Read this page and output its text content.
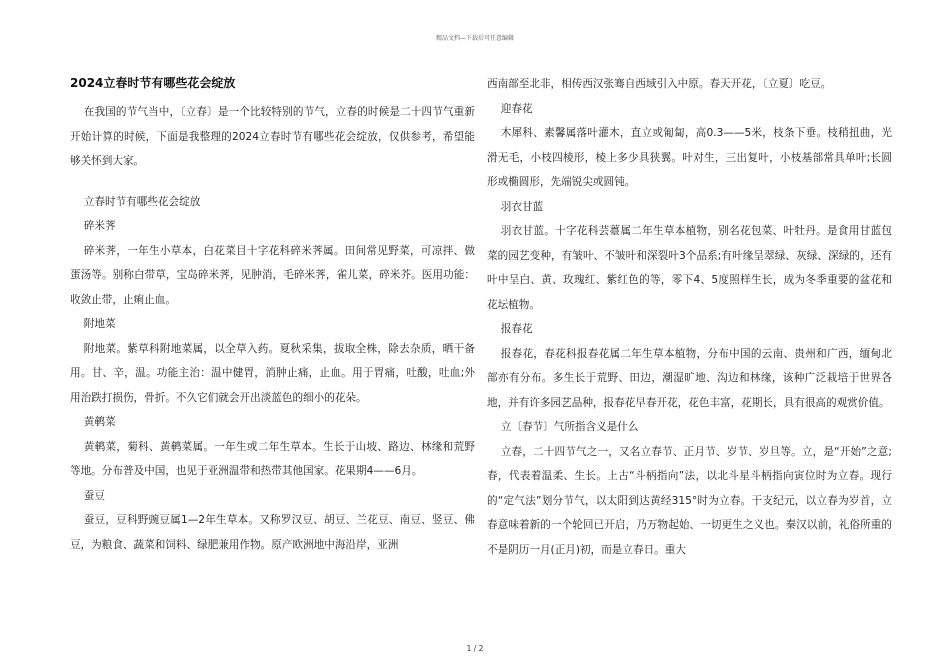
精品文档—下载后可任意编辑
2024立春时节有哪些花会绽放

在我国的节气当中，〔立春〕是一个比较特别的节气，立春的时候是二十四节气重新开始计算的时候，下面是我整理的2024立春时节有哪些花会绽放，仅供参考，希望能够关怀到大家。

立春时节有哪些花会绽放

碎米荠

碎米荠，一年生小草本，白花菜目十字花科碎米荠属。田间常见野菜，可凉拌、做蛋汤等。别称白带草，宝岛碎米荠，见肿消，毛碎米荠，雀儿菜，碎米芥。医用功能：收敛止带，止痢止血。

附地菜

附地菜。紫草科附地菜属，以全草入药。夏秋采集，拔取全株，除去杂质，晒干备用。甘、辛，温。功能主治：温中健胃，消肿止痛，止血。用于胃痛，吐酸，吐血;外用治跌打损伤，骨折。不久它们就会开出淡蓝色的细小的花朵。

黄鹌菜

黄鹌菜，菊科、黄鹌菜属。一年生或二年生草本。生长于山坡、路边、林缘和荒野等地。分布普及中国，也见于亚洲温带和热带其他国家。花果期4——6月。

蚕豆

蚕豆，豆科野豌豆属1—2年生草本。又称罗汉豆、胡豆、兰花豆、南豆、竖豆、佛豆，为粮食、蔬菜和饲料、绿肥兼用作物。原产欧洲地中海沿岸，亚洲

西南部至北非，相传西汉张骞自西域引入中原。春天开花，〔立夏〕吃豆。

迎春花

木犀科、素馨属落叶灌木，直立或匍匐，高0.3——5米，枝条下垂。枝稍扭曲，光滑无毛，小枝四棱形，棱上多少具狭翼。叶对生，三出复叶，小枝基部常具单叶;长圆形或椭圆形，先端锐尖或圆钝。

羽衣甘蓝

羽衣甘蓝。十字花科芸薹属二年生草本植物，别名花包菜、叶牡丹。是食用甘蓝包菜的园艺变种，有皱叶、不皱叶和深裂叶3个品系;有叶缘呈翠绿、灰绿、深绿的，还有叶中呈白、黄、玫瑰红、紫红色的等，零下4、5度照样生长，成为冬季重要的盆花和花坛植物。

报春花

报春花，春花科报春花属二年生草本植物，分布中国的云南、贵州和广西，缅甸北部亦有分布。多生长于荒野、田边，潮湿旷地、沟边和林缘，该种广泛栽培于世界各地，并有许多园艺品种，报春花早春开花，花色丰富，花期长，具有很高的观赏价值。

立〔春节〕气所指含义是什么

立春，二十四节气之一，又名立春节、正月节、岁节、岁旦等。立，是“开始”之意;春，代表着温柔、生长。上古“斗柄指向”法，以北斗星斗柄指向寅位时为立春。现行的“定气法”划分节气，以太阳到达黄经315°时为立春。干支纪元，以立春为岁首，立春意味着新的一个轮回已开启，乃万物起始、一切更生之义也。秦汉以前，礼俗所重的不是阴历一月(正月)初，而是立春日。重大

1 / 2
